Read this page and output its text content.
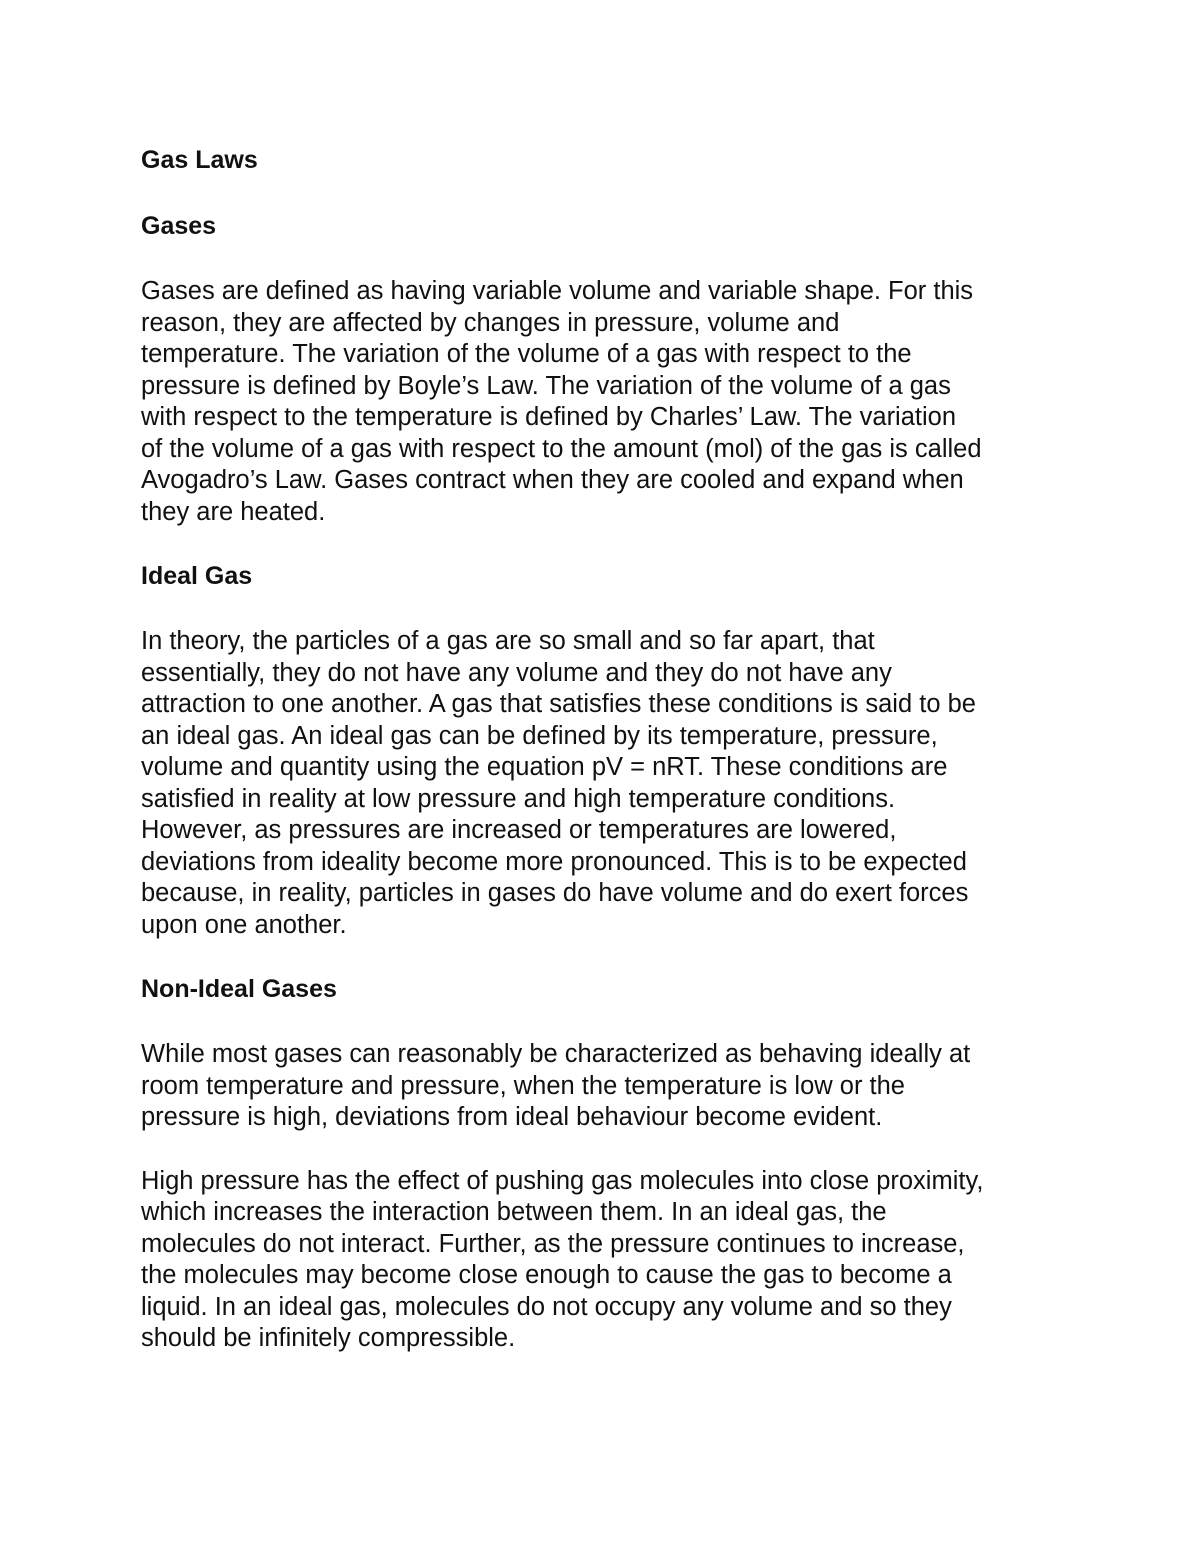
Gas Laws
Gases

Gases are defined as having variable volume and variable shape. For this
reason, they are affected by changes in pressure, volume and
temperature. The variation of the volume of a gas with respect to the
pressure is defined by Boyle’s Law. The variation of the volume of a gas
with respect to the temperature is defined by Charles’ Law. The variation
of the volume of a gas with respect to the amount (mol) of the gas is called
Avogadro’s Law. Gases contract when they are cooled and expand when
they are heated.

Ideal Gas

In theory, the particles of a gas are so small and so far apart, that
essentially, they do not have any volume and they do not have any
attraction to one another. A gas that satisfies these conditions is said to be
an ideal gas. An ideal gas can be defined by its temperature, pressure,
volume and quantity using the equation pV = nRT. These conditions are
satisfied in reality at low pressure and high temperature conditions.
However, as pressures are increased or temperatures are lowered,
deviations from ideality become more pronounced. This is to be expected
because, in reality, particles in gases do have volume and do exert forces
upon one another.

Non-Ideal Gases

While most gases can reasonably be characterized as behaving ideally at
room temperature and pressure, when the temperature is low or the
pressure is high, deviations from ideal behaviour become evident.

High pressure has the effect of pushing gas molecules into close proximity,
which increases the interaction between them. In an ideal gas, the
molecules do not interact. Further, as the pressure continues to increase,
the molecules may become close enough to cause the gas to become a
liquid. In an ideal gas, molecules do not occupy any volume and so they
should be infinitely compressible.
